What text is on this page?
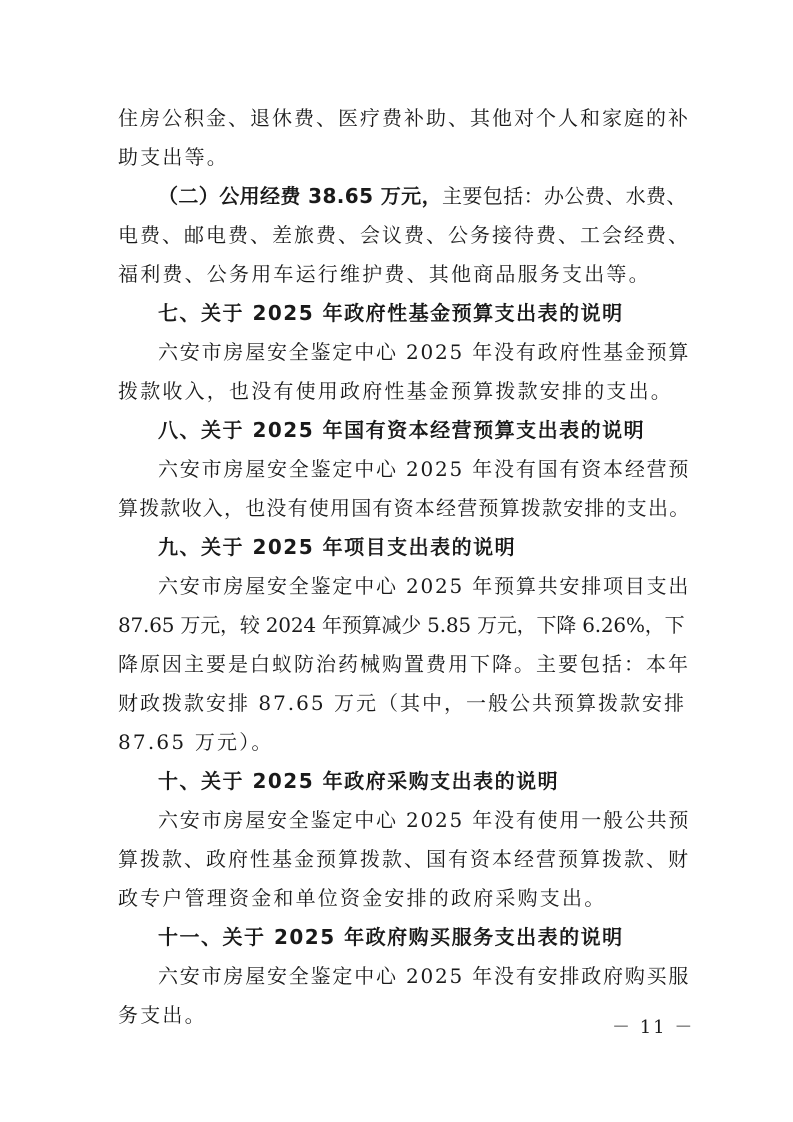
住房公积金、退休费、医疗费补助、其他对个人和家庭的补
助支出等。
（二）公用经费 38.65 万元，主要包括：办公费、水费、
电费、邮电费、差旅费、会议费、公务接待费、工会经费、
福利费、公务用车运行维护费、其他商品服务支出等。
七、关于 2025 年政府性基金预算支出表的说明
六安市房屋安全鉴定中心 2025 年没有政府性基金预算
拨款收入，也没有使用政府性基金预算拨款安排的支出。
八、关于 2025 年国有资本经营预算支出表的说明
六安市房屋安全鉴定中心 2025 年没有国有资本经营预
算拨款收入，也没有使用国有资本经营预算拨款安排的支出。
九、关于 2025 年项目支出表的说明
六安市房屋安全鉴定中心 2025 年预算共安排项目支出
87.65 万元，较 2024 年预算减少 5.85 万元，下降 6.26%，下
降原因主要是白蚁防治药械购置费用下降。主要包括：本年
财政拨款安排 87.65 万元（其中，一般公共预算拨款安排
87.65 万元）。
十、关于 2025 年政府采购支出表的说明
六安市房屋安全鉴定中心 2025 年没有使用一般公共预
算拨款、政府性基金预算拨款、国有资本经营预算拨款、财
政专户管理资金和单位资金安排的政府采购支出。
十一、关于 2025 年政府购买服务支出表的说明
六安市房屋安全鉴定中心 2025 年没有安排政府购买服
务支出。
－ 11 －
